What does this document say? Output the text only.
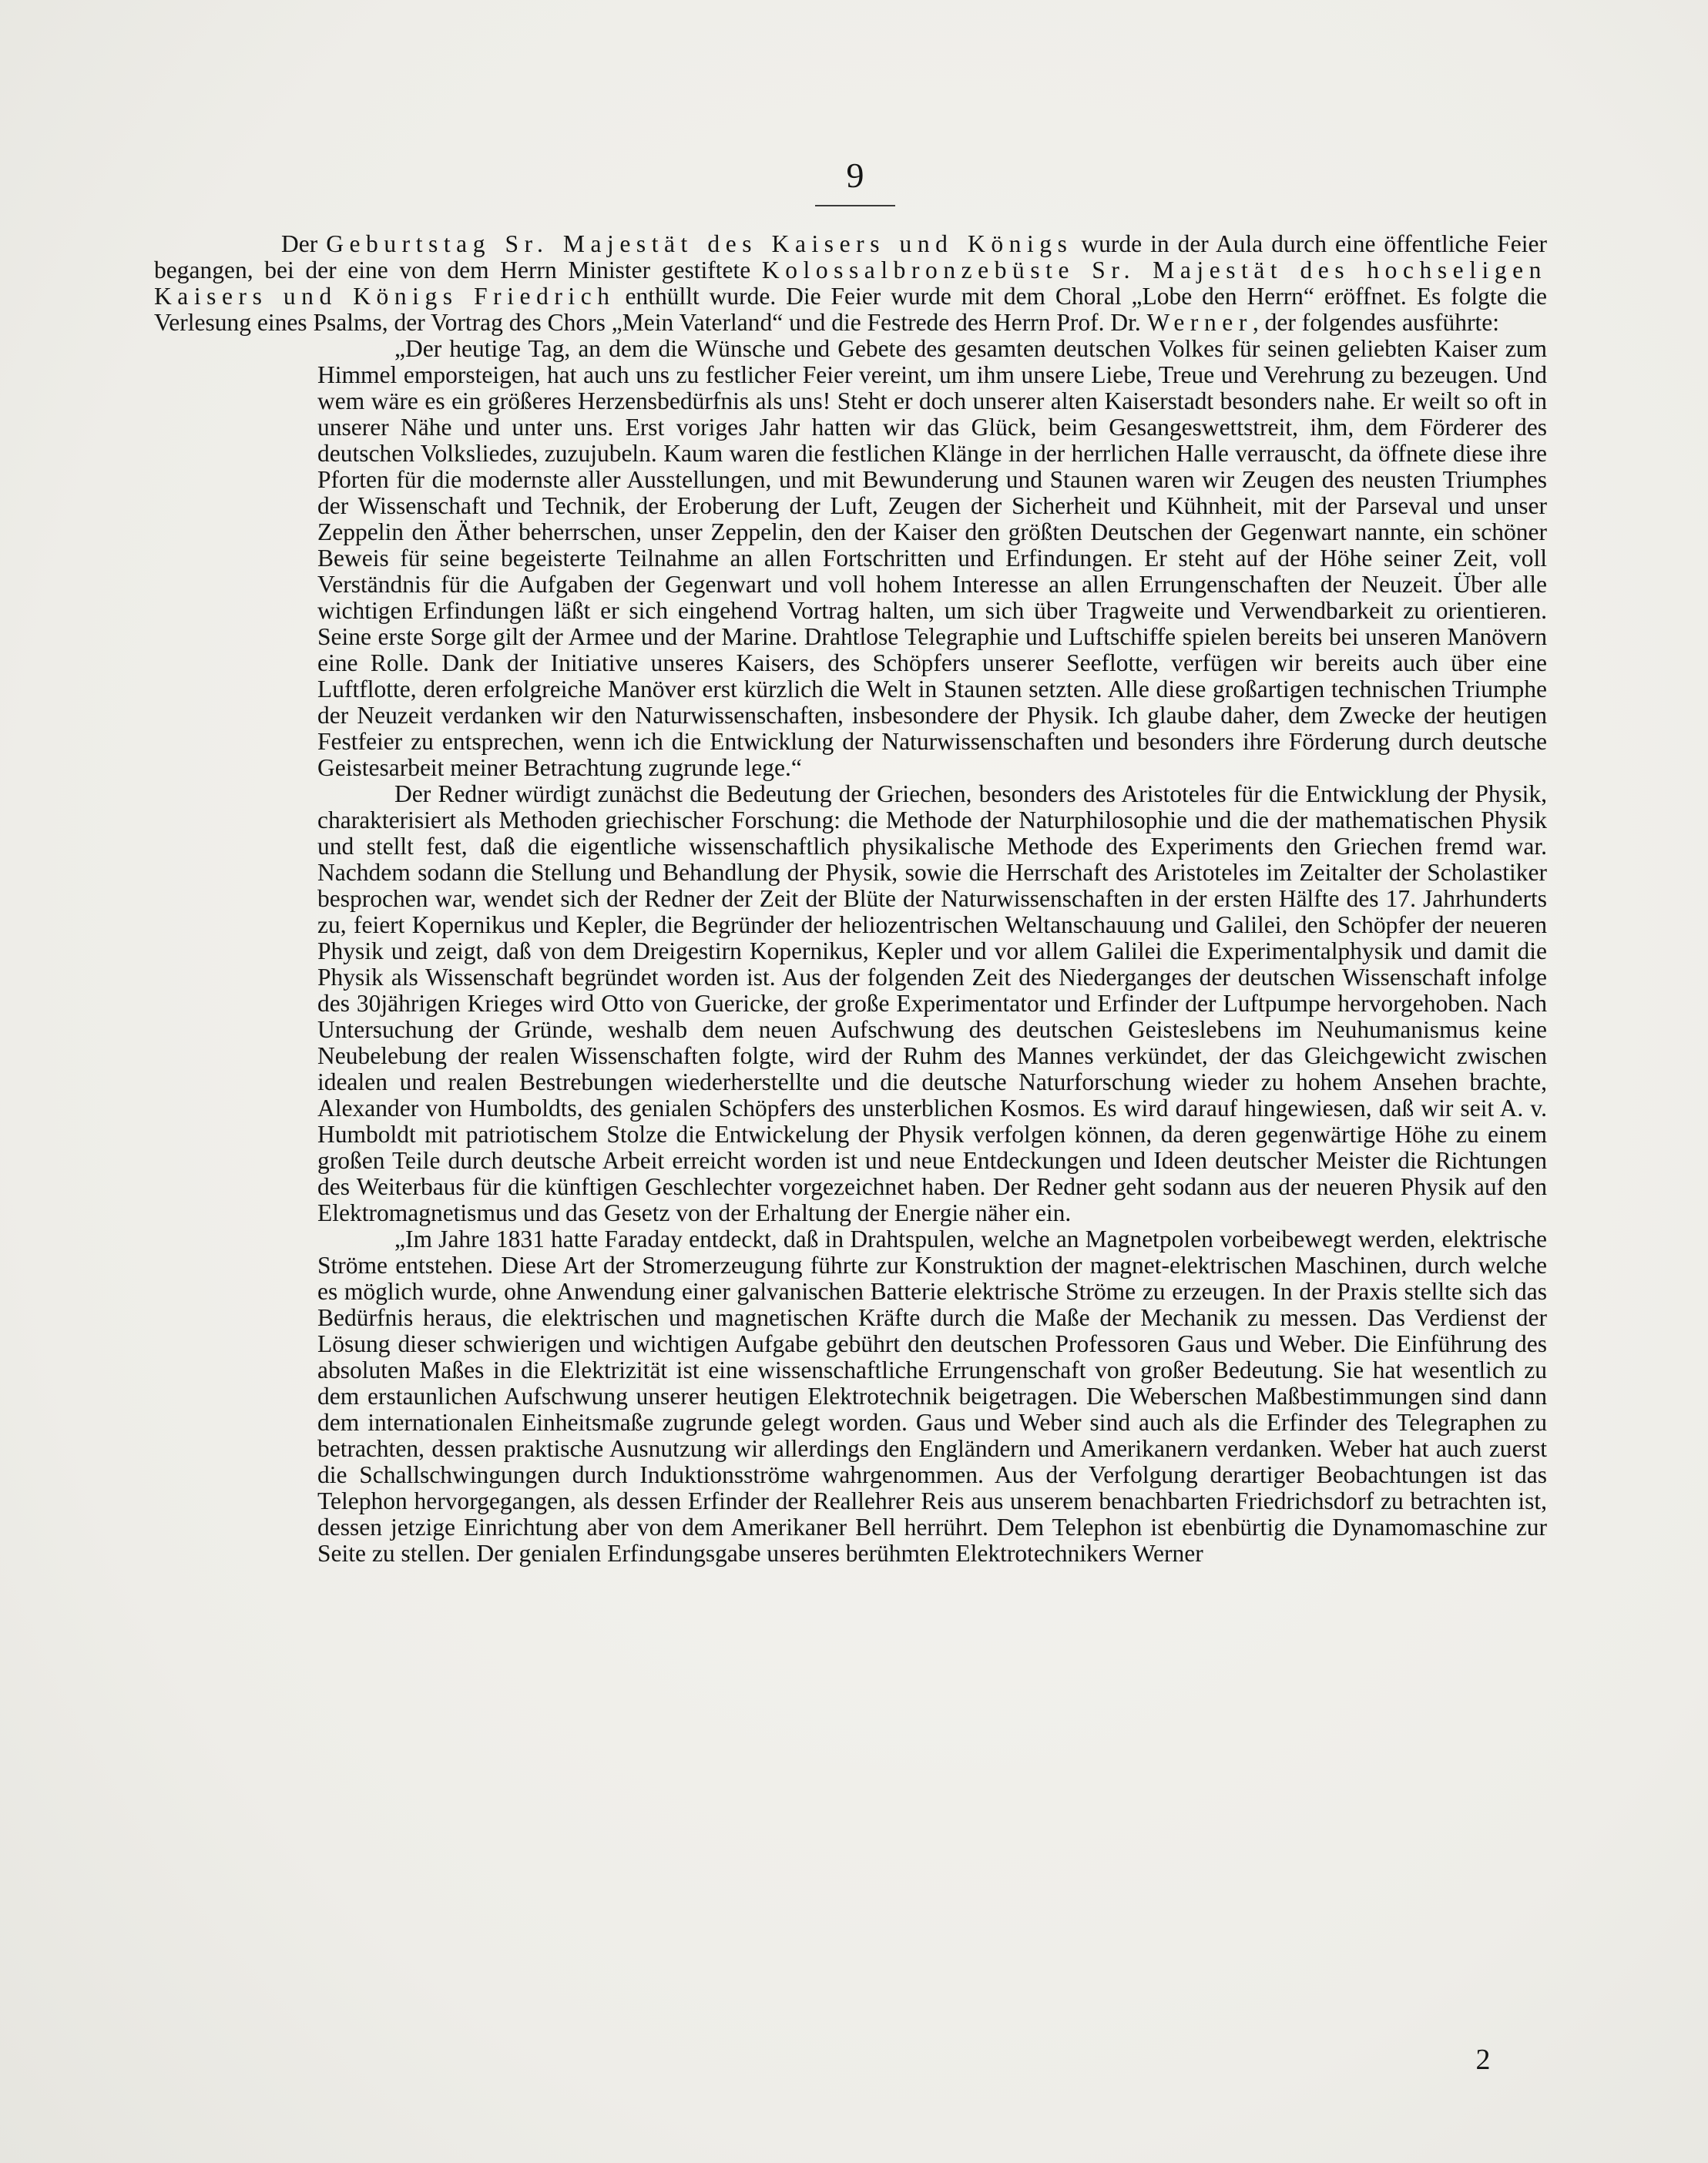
9

Der Geburtstag Sr. Majestät des Kaisers und Königs wurde in der Aula durch eine öffentliche Feier begangen, bei der eine von dem Herrn Minister gestiftete Kolossalbronzebüste Sr. Majestät des hochseligen Kaisers und Königs Friedrich enthüllt wurde. Die Feier wurde mit dem Choral „Lobe den Herrn“ eröffnet. Es folgte die Verlesung eines Psalms, der Vortrag des Chors „Mein Vaterland“ und die Festrede des Herrn Prof. Dr. Werner, der folgendes ausführte:

„Der heutige Tag, an dem die Wünsche und Gebete des gesamten deutschen Volkes für seinen geliebten Kaiser zum Himmel emporsteigen, hat auch uns zu festlicher Feier vereint, um ihm unsere Liebe, Treue und Verehrung zu bezeugen. Und wem wäre es ein größeres Herzensbedürfnis als uns! Steht er doch unserer alten Kaiserstadt besonders nahe. Er weilt so oft in unserer Nähe und unter uns. Erst voriges Jahr hatten wir das Glück, beim Gesangeswettstreit, ihm, dem Förderer des deutschen Volksliedes, zuzujubeln. Kaum waren die festlichen Klänge in der herrlichen Halle verrauscht, da öffnete diese ihre Pforten für die modernste aller Ausstellungen, und mit Bewunderung und Staunen waren wir Zeugen des neusten Triumphes der Wissenschaft und Technik, der Eroberung der Luft, Zeugen der Sicherheit und Kühnheit, mit der Parseval und unser Zeppelin den Äther beherrschen, unser Zeppelin, den der Kaiser den größten Deutschen der Gegenwart nannte, ein schöner Beweis für seine begeisterte Teilnahme an allen Fortschritten und Erfindungen. Er steht auf der Höhe seiner Zeit, voll Verständnis für die Aufgaben der Gegenwart und voll hohem Interesse an allen Errungenschaften der Neuzeit. Über alle wichtigen Erfindungen läßt er sich eingehend Vortrag halten, um sich über Tragweite und Verwendbarkeit zu orientieren. Seine erste Sorge gilt der Armee und der Marine. Drahtlose Telegraphie und Luftschiffe spielen bereits bei unseren Manövern eine Rolle. Dank der Initiative unseres Kaisers, des Schöpfers unserer Seeflotte, verfügen wir bereits auch über eine Luftflotte, deren erfolgreiche Manöver erst kürzlich die Welt in Staunen setzten. Alle diese großartigen technischen Triumphe der Neuzeit verdanken wir den Naturwissenschaften, insbesondere der Physik. Ich glaube daher, dem Zwecke der heutigen Festfeier zu entsprechen, wenn ich die Entwicklung der Naturwissenschaften und besonders ihre Förderung durch deutsche Geistesarbeit meiner Betrachtung zugrunde lege.“

Der Redner würdigt zunächst die Bedeutung der Griechen, besonders des Aristoteles für die Entwicklung der Physik, charakterisiert als Methoden griechischer Forschung: die Methode der Naturphilosophie und die der mathematischen Physik und stellt fest, daß die eigentliche wissenschaftlich physikalische Methode des Experiments den Griechen fremd war. Nachdem sodann die Stellung und Behandlung der Physik, sowie die Herrschaft des Aristoteles im Zeitalter der Scholastiker besprochen war, wendet sich der Redner der Zeit der Blüte der Naturwissenschaften in der ersten Hälfte des 17. Jahrhunderts zu, feiert Kopernikus und Kepler, die Begründer der heliozentrischen Weltanschauung und Galilei, den Schöpfer der neueren Physik und zeigt, daß von dem Dreigestirn Kopernikus, Kepler und vor allem Galilei die Experimentalphysik und damit die Physik als Wissenschaft begründet worden ist. Aus der folgenden Zeit des Niederganges der deutschen Wissenschaft infolge des 30jährigen Krieges wird Otto von Guericke, der große Experimentator und Erfinder der Luftpumpe hervorgehoben. Nach Untersuchung der Gründe, weshalb dem neuen Aufschwung des deutschen Geisteslebens im Neuhumanismus keine Neubelebung der realen Wissenschaften folgte, wird der Ruhm des Mannes verkündet, der das Gleichgewicht zwischen idealen und realen Bestrebungen wiederherstellte und die deutsche Naturforschung wieder zu hohem Ansehen brachte, Alexander von Humboldts, des genialen Schöpfers des unsterblichen Kosmos. Es wird darauf hingewiesen, daß wir seit A. v. Humboldt mit patriotischem Stolze die Entwickelung der Physik verfolgen können, da deren gegenwärtige Höhe zu einem großen Teile durch deutsche Arbeit erreicht worden ist und neue Entdeckungen und Ideen deutscher Meister die Richtungen des Weiterbaus für die künftigen Geschlechter vorgezeichnet haben. Der Redner geht sodann aus der neueren Physik auf den Elektromagnetismus und das Gesetz von der Erhaltung der Energie näher ein.

„Im Jahre 1831 hatte Faraday entdeckt, daß in Drahtspulen, welche an Magnetpolen vorbeibewegt werden, elektrische Ströme entstehen. Diese Art der Stromerzeugung führte zur Konstruktion der magnet-elektrischen Maschinen, durch welche es möglich wurde, ohne Anwendung einer galvanischen Batterie elektrische Ströme zu erzeugen. In der Praxis stellte sich das Bedürfnis heraus, die elektrischen und magnetischen Kräfte durch die Maße der Mechanik zu messen. Das Verdienst der Lösung dieser schwierigen und wichtigen Aufgabe gebührt den deutschen Professoren Gaus und Weber. Die Einführung des absoluten Maßes in die Elektrizität ist eine wissenschaftliche Errungenschaft von großer Bedeutung. Sie hat wesentlich zu dem erstaunlichen Aufschwung unserer heutigen Elektrotechnik beigetragen. Die Weberschen Maßbestimmungen sind dann dem internationalen Einheitsmaße zugrunde gelegt worden. Gaus und Weber sind auch als die Erfinder des Telegraphen zu betrachten, dessen praktische Ausnutzung wir allerdings den Engländern und Amerikanern verdanken. Weber hat auch zuerst die Schallschwingungen durch Induktionsströme wahrgenommen. Aus der Verfolgung derartiger Beobachtungen ist das Telephon hervorgegangen, als dessen Erfinder der Reallehrer Reis aus unserem benachbarten Friedrichsdorf zu betrachten ist, dessen jetzige Einrichtung aber von dem Amerikaner Bell herrührt. Dem Telephon ist ebenbürtig die Dynamomaschine zur Seite zu stellen. Der genialen Erfindungsgabe unseres berühmten Elektrotechnikers Werner

2
